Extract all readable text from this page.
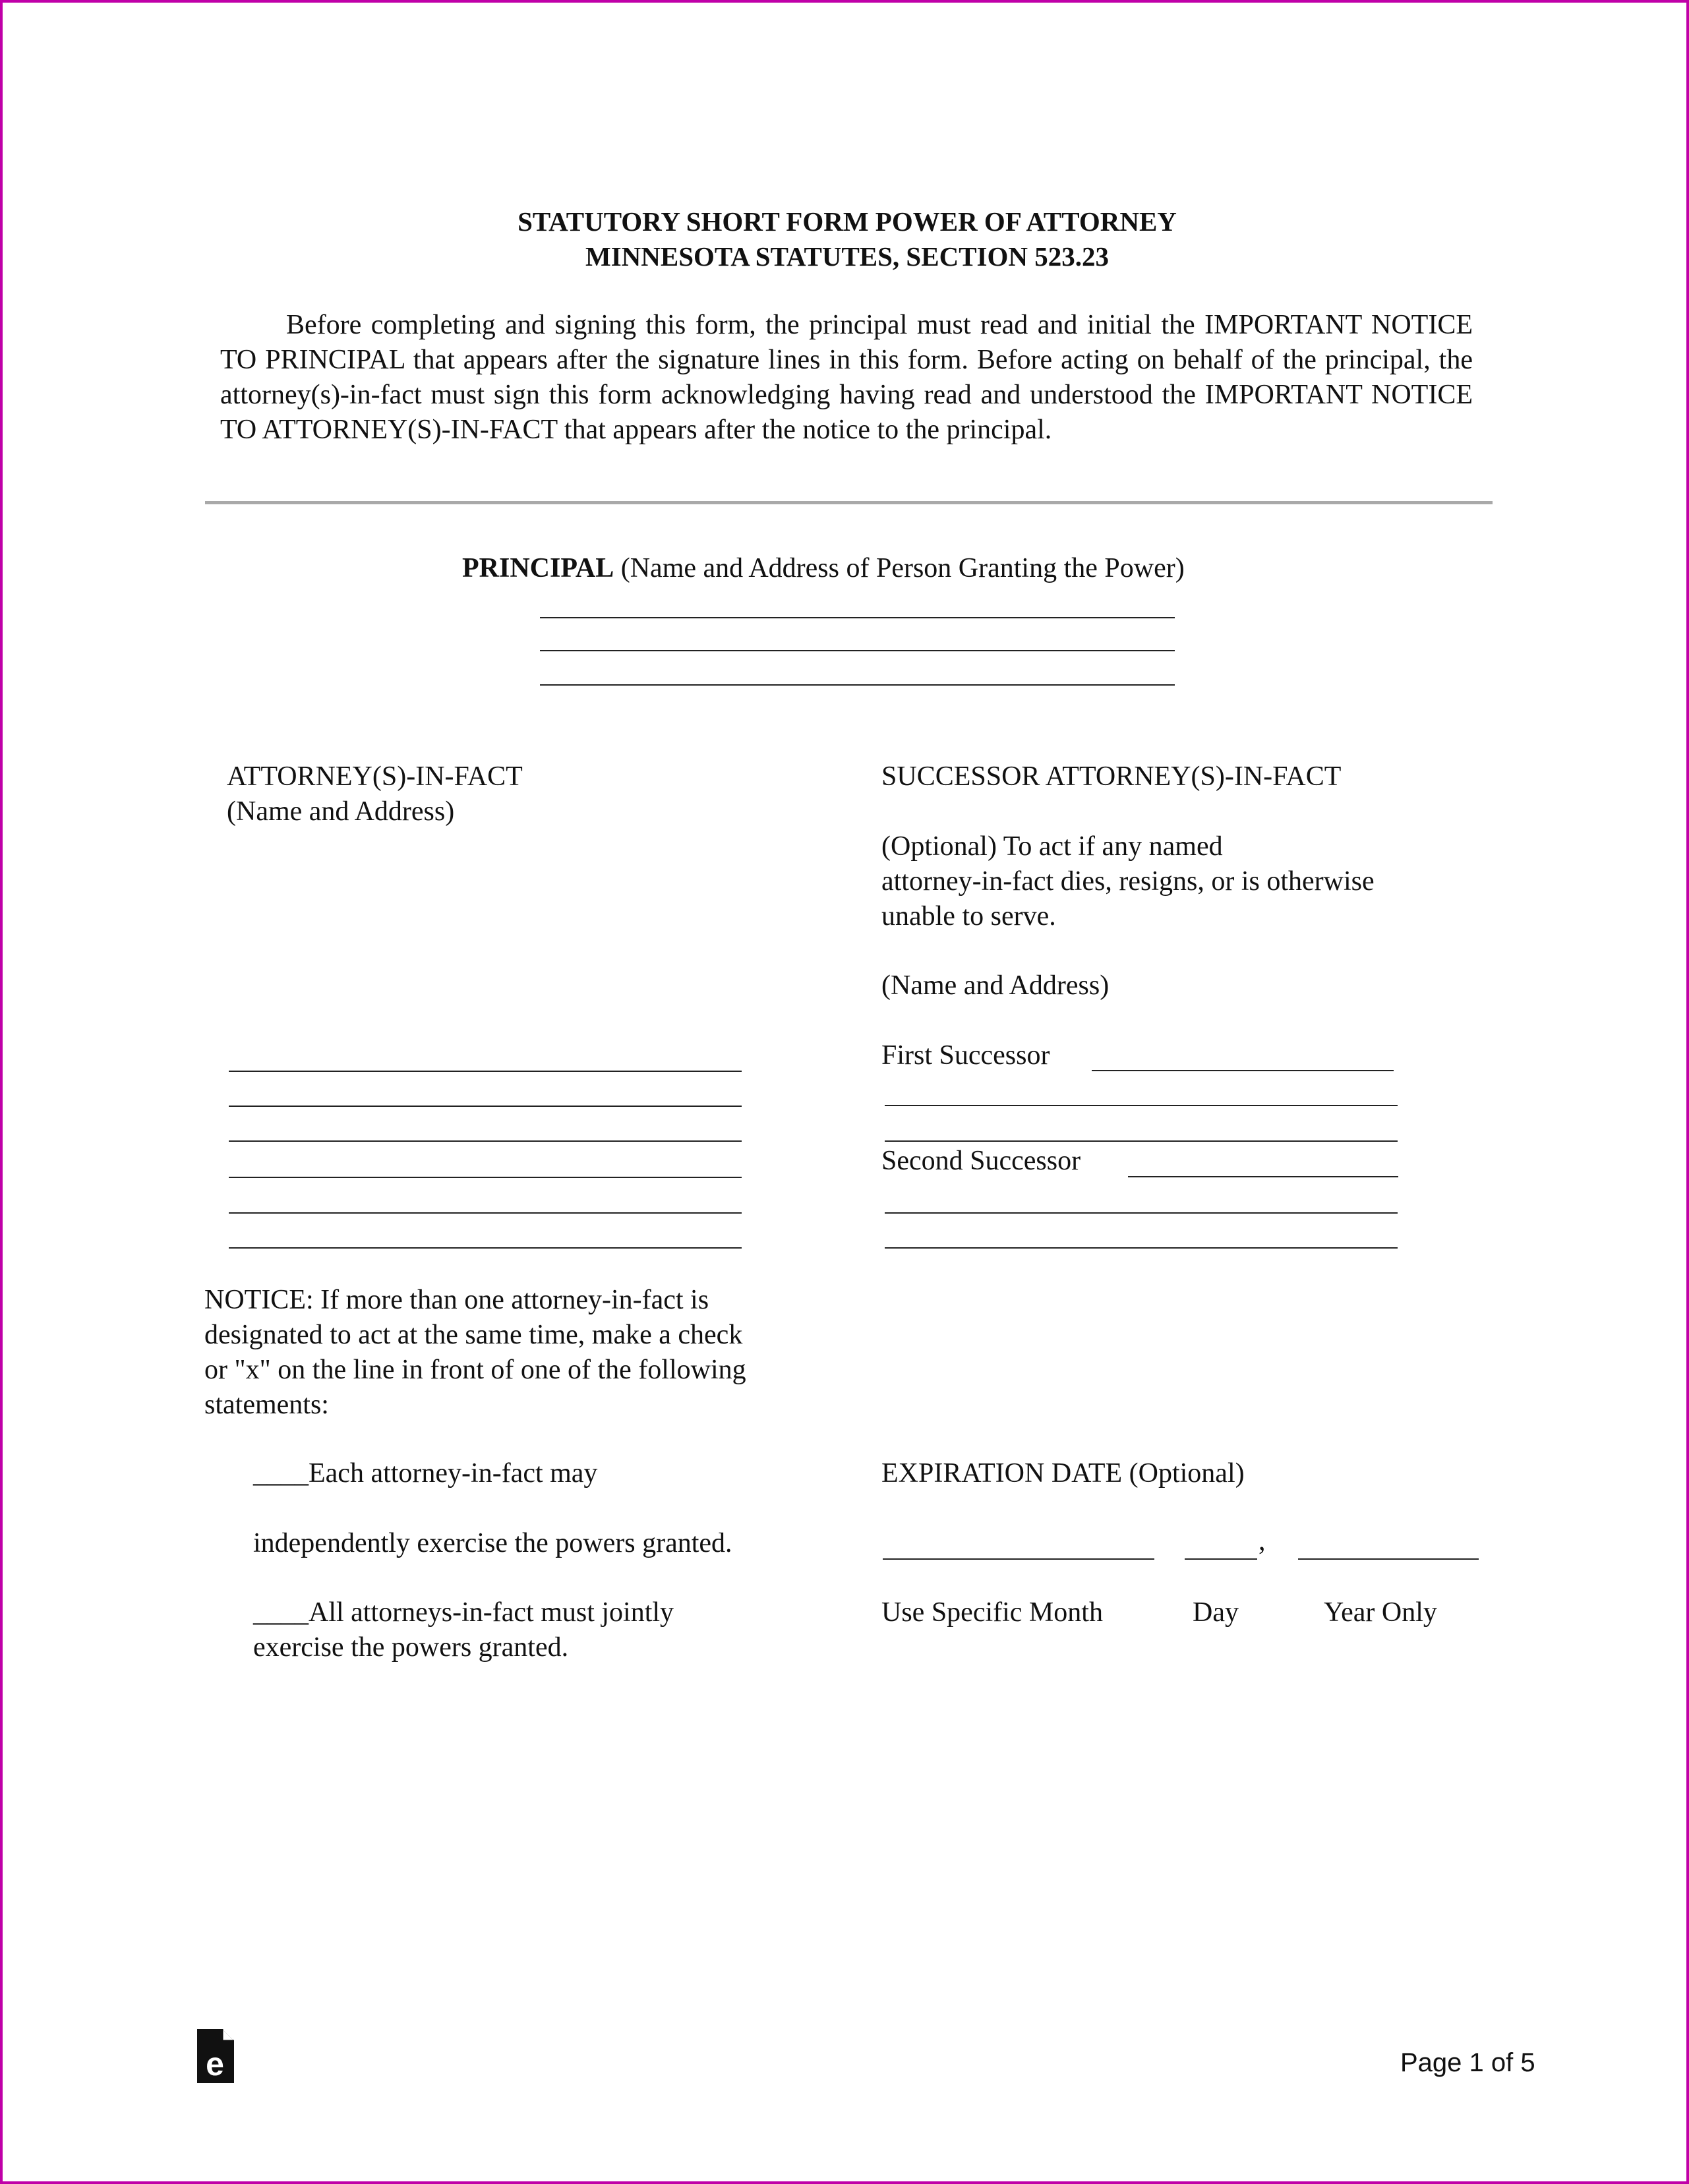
STATUTORY SHORT FORM POWER OF ATTORNEY
MINNESOTA STATUTES, SECTION 523.23
Before completing and signing this form, the principal must read and initial the IMPORTANT NOTICE TO PRINCIPAL that appears after the signature lines in this form. Before acting on behalf of the principal, the attorney(s)-in-fact must sign this form acknowledging having read and understood the IMPORTANT NOTICE TO ATTORNEY(S)-IN-FACT that appears after the notice to the principal.
PRINCIPAL (Name and Address of Person Granting the Power)
ATTORNEY(S)-IN-FACT
(Name and Address)
SUCCESSOR ATTORNEY(S)-IN-FACT
(Optional) To act if any named
attorney-in-fact dies, resigns, or is otherwise
unable to serve.
(Name and Address)
First Successor
Second Successor
NOTICE: If more than one attorney-in-fact is
designated to act at the same time, make a check
or "x" on the line in front of one of the following
statements:
____Each attorney-in-fact may
independently exercise the powers granted.
____All attorneys-in-fact must jointly
exercise the powers granted.
EXPIRATION DATE (Optional)
,
Use Specific Month	Day	Year Only
e	Page 1 of 5
